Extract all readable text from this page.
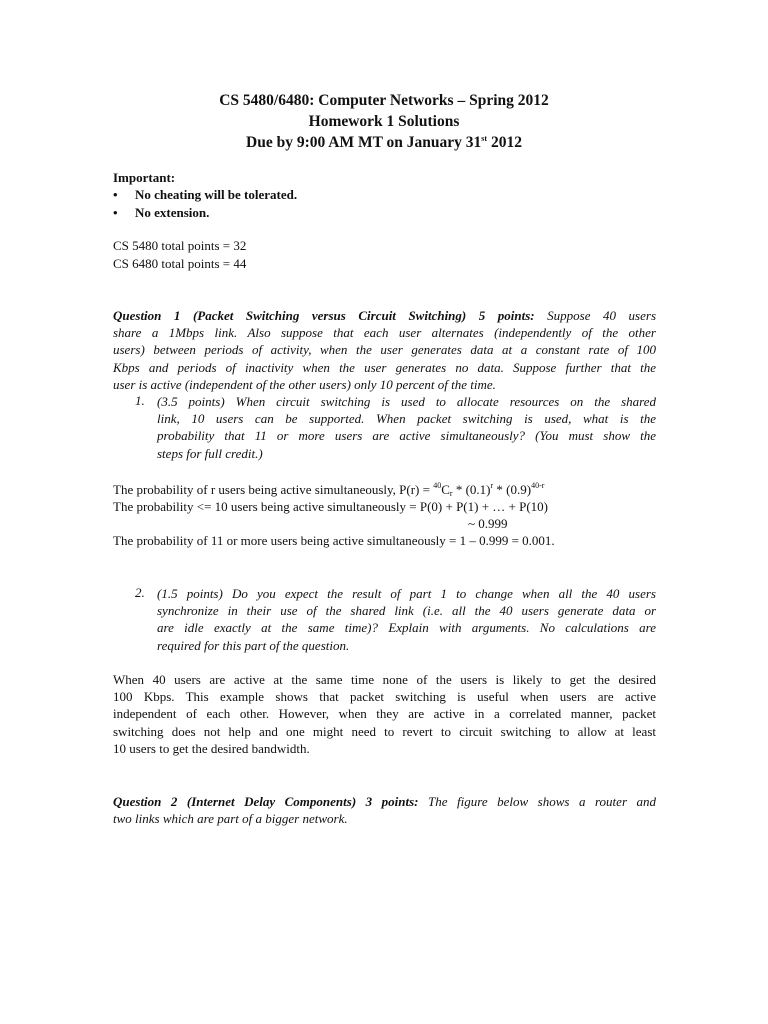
CS 5480/6480: Computer Networks – Spring 2012
Homework 1 Solutions
Due by 9:00 AM MT on January 31st 2012
Important:
• No cheating will be tolerated.
• No extension.
CS 5480 total points = 32
CS 6480 total points = 44
Question 1 (Packet Switching versus Circuit Switching) 5 points: Suppose 40 users
share a 1Mbps link. Also suppose that each user alternates (independently of the other
users) between periods of activity, when the user generates data at a constant rate of 100
Kbps and periods of inactivity when the user generates no data. Suppose further that the
user is active (independent of the other users) only 10 percent of the time.
1. (3.5 points) When circuit switching is used to allocate resources on the shared
link, 10 users can be supported. When packet switching is used, what is the
probability that 11 or more users are active simultaneously? (You must show the
steps for full credit.)
The probability of r users being active simultaneously, $P(r) = ^{40}C_r * (0.1)^r * (0.9)^{40-r}$
The probability <= 10 users being active simultaneously = P(0) + P(1) + … + P(10)
~ 0.999
The probability of 11 or more users being active simultaneously = 1 – 0.999 = 0.001.
2. (1.5 points) Do you expect the result of part 1 to change when all the 40 users
synchronize in their use of the shared link (i.e. all the 40 users generate data or
are idle exactly at the same time)? Explain with arguments. No calculations are
required for this part of the question.
When 40 users are active at the same time none of the users is likely to get the desired
100 Kbps. This example shows that packet switching is useful when users are active
independent of each other. However, when they are active in a correlated manner, packet
switching does not help and one might need to revert to circuit switching to allow at least
10 users to get the desired bandwidth.
Question 2 (Internet Delay Components) 3 points: The figure below shows a router and
two links which are part of a bigger network.
